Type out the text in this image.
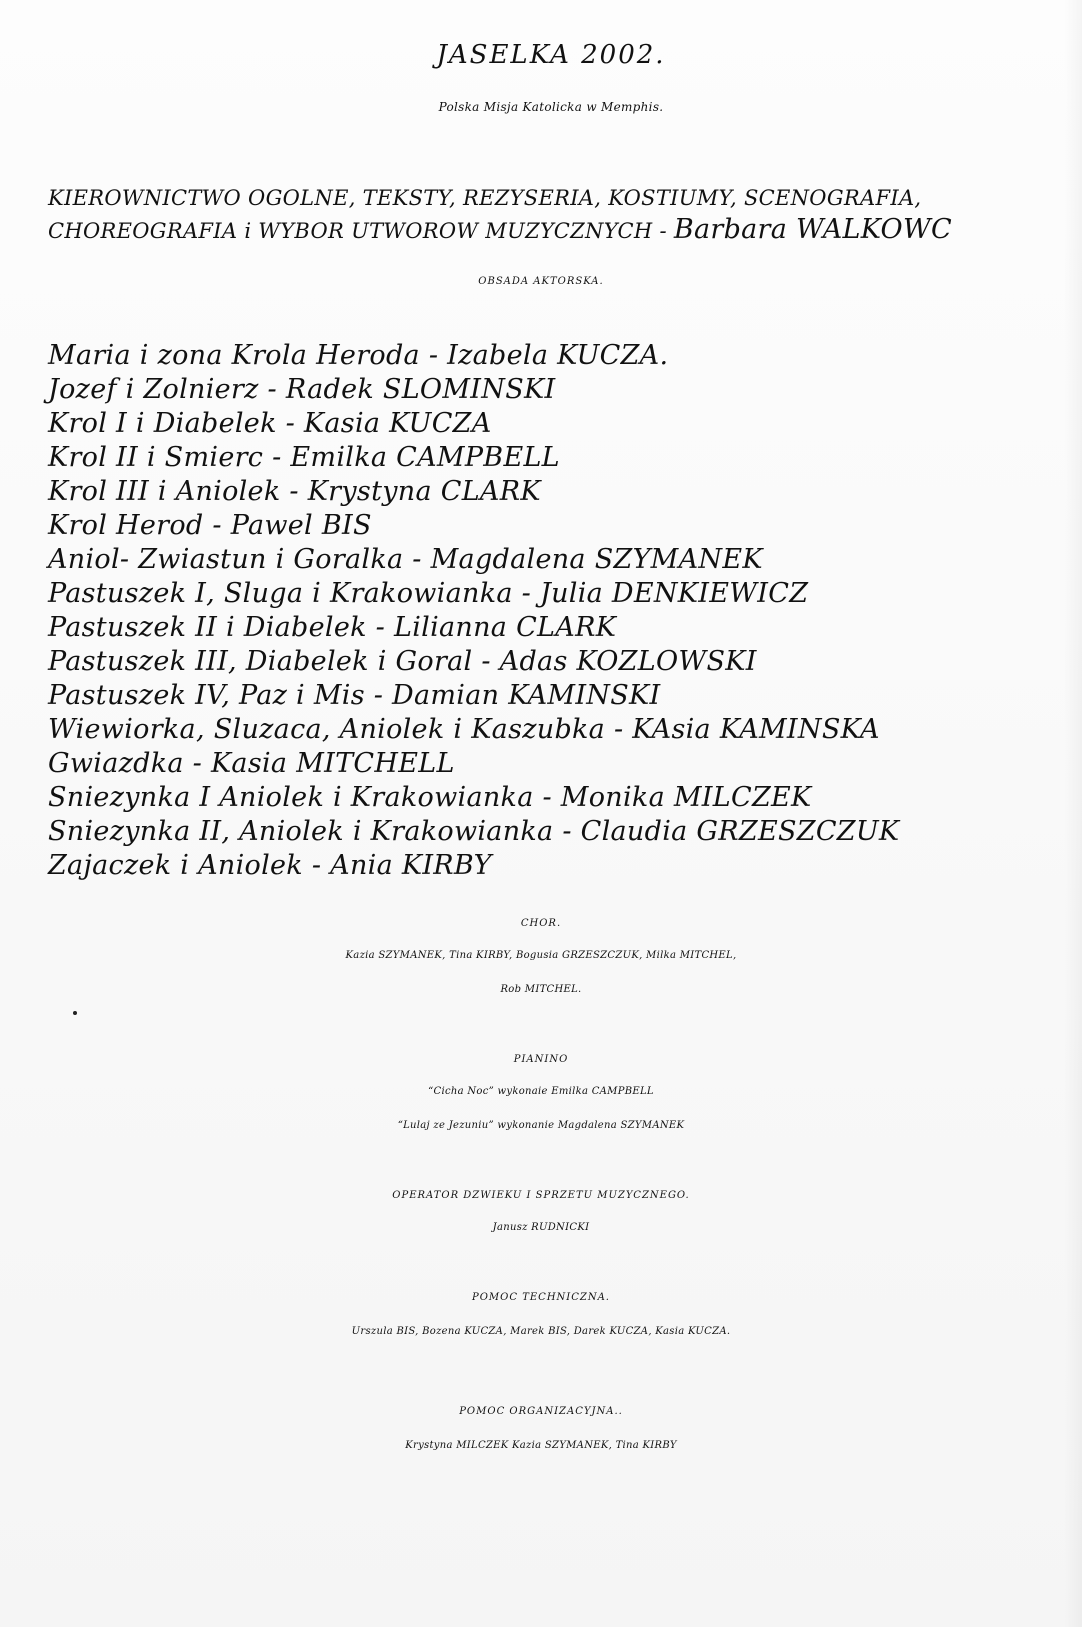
JASELKA 2002.
Polska Misja Katolicka w Memphis.
KIEROWNICTWO OGOLNE, TEKSTY, REZYSERIA, KOSTIUMY, SCENOGRAFIA,
CHOREOGRAFIA i WYBOR UTWOROW MUZYCZNYCH - Barbara WALKOWC
OBSADA AKTORSKA.
Maria i zona Krola Heroda - Izabela KUCZA.
Jozef i Zolnierz - Radek SLOMINSKI
Krol I i Diabelek - Kasia KUCZA
Krol II i Smierc - Emilka CAMPBELL
Krol III i Aniolek - Krystyna CLARK
Krol Herod - Pawel BIS
Aniol- Zwiastun i Goralka - Magdalena SZYMANEK
Pastuszek I, Sluga i Krakowianka - Julia DENKIEWICZ
Pastuszek II i Diabelek - Lilianna CLARK
Pastuszek III, Diabelek i Goral - Adas KOZLOWSKI
Pastuszek IV, Paz i Mis - Damian KAMINSKI
Wiewiorka, Sluzaca, Aniolek i Kaszubka - KAsia KAMINSKA
Gwiazdka - Kasia MITCHELL
Sniezynka I Aniolek i Krakowianka - Monika MILCZEK
Sniezynka II, Aniolek i Krakowianka - Claudia GRZESZCZUK
Zajaczek i Aniolek - Ania KIRBY
CHOR.
Kazia SZYMANEK, Tina KIRBY, Bogusia GRZESZCZUK, Milka MITCHEL,
Rob MITCHEL.
PIANINO
“Cicha Noc” wykonaie Emilka CAMPBELL
“Lulaj ze Jezuniu” wykonanie Magdalena SZYMANEK
OPERATOR DZWIEKU I SPRZETU MUZYCZNEGO.
Janusz RUDNICKI
POMOC TECHNICZNA.
Urszula BIS, Bozena KUCZA, Marek BIS, Darek KUCZA, Kasia KUCZA.
POMOC ORGANIZACYJNA..
Krystyna MILCZEK Kazia SZYMANEK, Tina KIRBY
